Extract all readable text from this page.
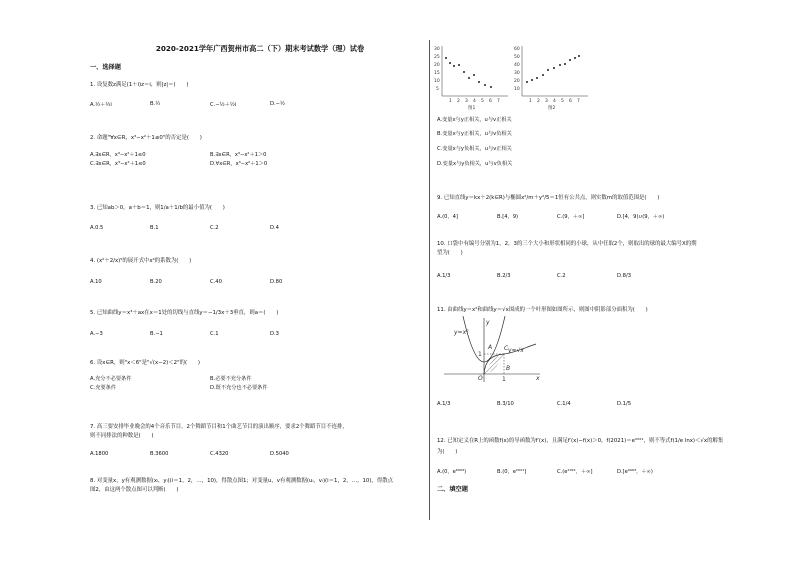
2020-2021学年广西贺州市高二（下）期末考试数学（理）试卷
一、选择题
1. 设复数z满足(1＋i)z＝i，则|z|＝(　　)
A.½＋½i	B.½	C.−½＋½i	D.−½
2. 命题"∀x∈R，x³−x²＋1≤0"的否定是(　　)
A.∃x∈R，x³−x²＋1≤0	B.∃x∈R，x³−x²＋1＞0
C.∃x∈R，x³−x²＋1≤0	D.∀x∈R，x³−x²＋1＞0
3. 已知ab＞0，a＋b＝1，则1/a＋1/b的最小值为(　　)
A.0.5	B.1	C.2	D.4
4. (x²＋2/x)⁵的展开式中x⁴的系数为(　　)
A.10	B.20	C.40	D.80
5. 已知曲线y＝x³＋ax在x＝1处的切线与直线y＝−1/3x＋3垂直，则a＝(　　)
A.−3	B.−1	C.1	D.3
6. 设x∈R，则"x＜6"是"√(x−2)＜2"的(　　)
A.充分不必要条件	B.必要不充分条件
C.充要条件	D.既不充分也不必要条件
7. 高三要安排毕业晚会的4个音乐节目，2个舞蹈节目和1个曲艺节目的演出顺序，要求2个舞蹈节目不连排，
则不同排法的种数是(　　)
A.1800	B.3600	C.4320	D.5040
8. 对变量x，y有观测数据(xᵢ，yᵢ)(i＝1，2，…，10)，得散点图1；对变量u，v有观测数据(uᵢ，vᵢ)(i＝1，2，…，10)，得散点
图2，由这两个散点图可以判断(　　)
30
25
20
15
10
5
1 2 3 4 5 6 7
图1
60
50
40
30
20
10
1 2 3 4 5 6 7
图2
A.变量x与y正相关，u与v正相关
B.变量x与y正相关，u与v负相关
C.变量x与y负相关，u与v正相关
D.变量x与y负相关，u与v负相关
9. 已知直线y＝kx＋2(k∈R)与椭圆x²/m＋y²/5＝1恒有公共点，则实数m的取值范围是(　　)
A.(0，4]	B.[4，9)	C.(9，＋∞]	D.[4，9)∪(9，＋∞)
10. 口袋中有编号分别为1，2，3的三个大小和形状相同的小球，从中任取2个，则取出的球的最大编号X的期
望为(　　)
A.1/3	B.2/3	C.2	D.8/3
11. 由曲线y＝x²和曲线y＝√x围成的一个叶形图如图所示，则图中阴影部分面积为(　　)
y=x²
y=√x
A
B
C
O	1
1
x
y
A.1/3	B.3/10	C.1/4	D.1/5
12. 已知定义在R上的函数f(x)的导函数为f′(x)，且满足f′(x)−f(x)＞0，f(2021)＝e²⁰²¹，则不等式f(1/e lnx)＜√x的解集
为(　　)
A.(0，e⁶⁰⁶³)	B.(0，e²⁰²¹]	C.(e²⁰²¹，＋∞]	D.[e⁶⁰⁶³，＋∞)
二、填空题
